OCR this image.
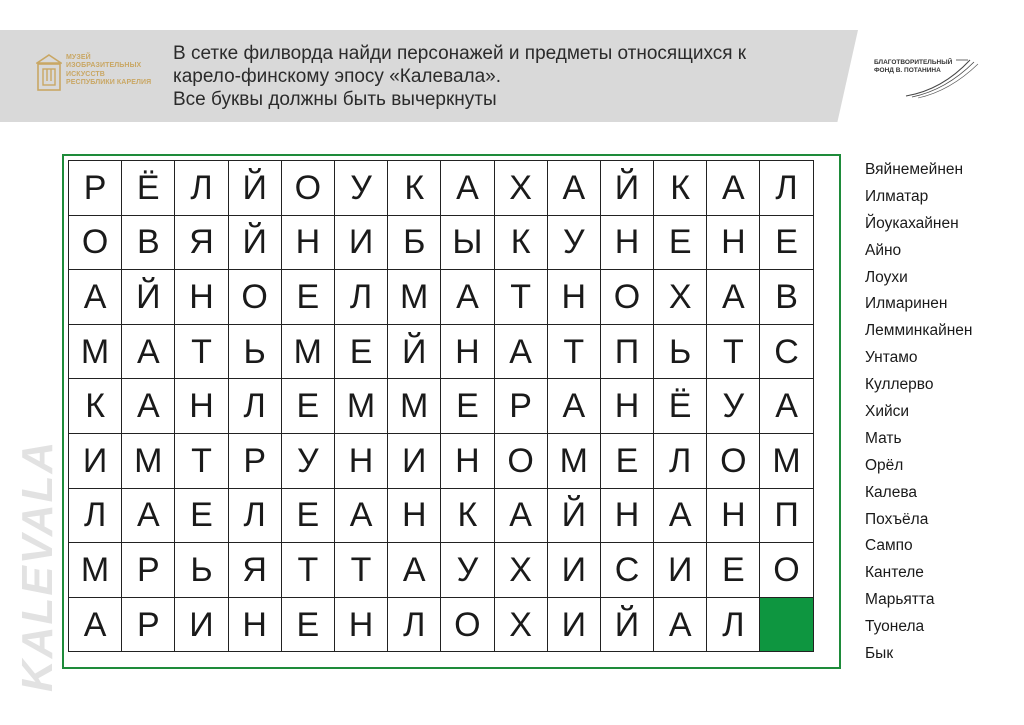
МУЗЕЙ
ИЗОБРАЗИТЕЛЬНЫХ
ИСКУССТВ
РЕСПУБЛИКИ КАРЕЛИЯ
В сетке филворда найди персонажей и предметы относящихся к
карело-финскому эпосу «Калевала».
Все буквы должны быть вычеркнуты
БЛАГОТВОРИТЕЛЬНЫЙ
ФОНД В. ПОТАНИНА
KALEVALA
Р Ё Л Й О У К А Х А Й К А Л
О В Я Й Н И Б Ы К У Н Е Н Е
А Й Н О Е Л М А Т Н О Х А В
М А Т Ь М Е Й Н А Т П Ь Т С
К А Н Л Е М М Е Р А Н Ё У А
И М Т Р У Н И Н О М Е Л О М
Л А Е Л Е А Н К А Й Н А Н П
М Р Ь Я Т Т А У Х И С И Е О
А Р И Н Е Н Л О Х И Й А Л
Вяйнемейнен
Илматар
Йоукахайнен
Айно
Лоухи
Илмаринен
Лемминкайнен
Унтамо
Куллерво
Хийси
Мать
Орёл
Калева
Похъёла
Сампо
Кантеле
Марьятта
Туонела
Бык
